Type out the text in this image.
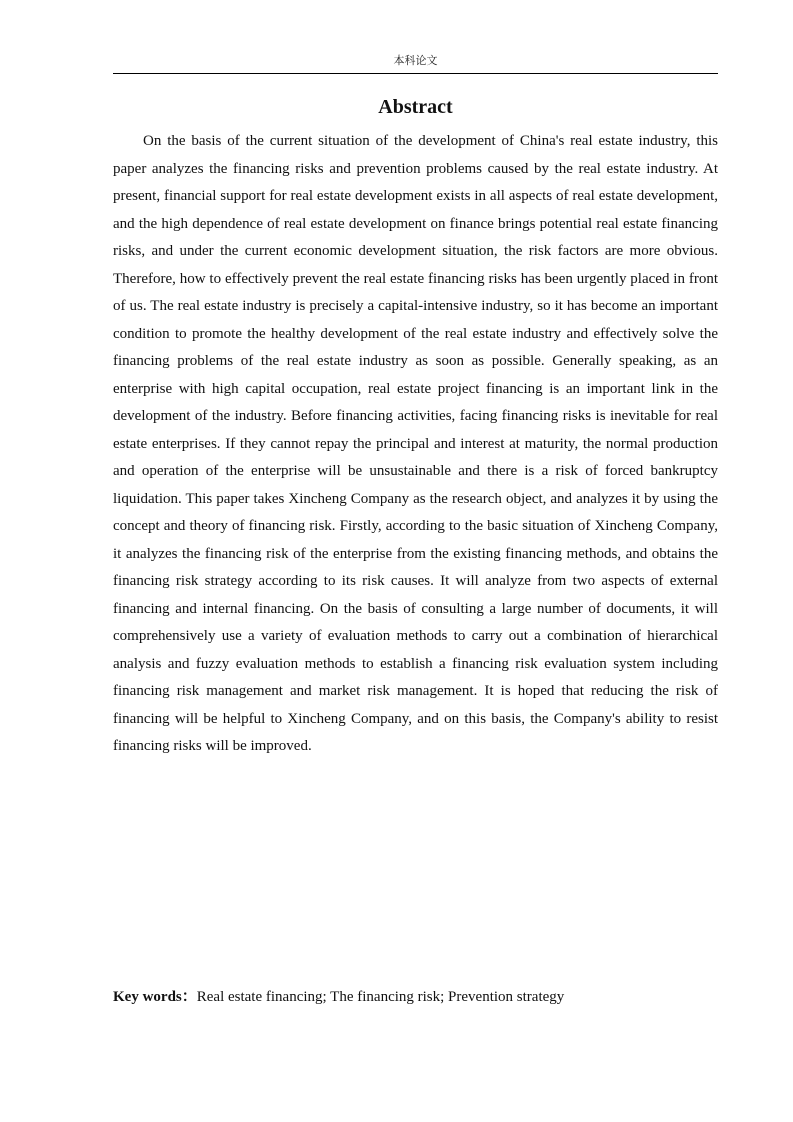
本科论文
Abstract

On the basis of the current situation of the development of China's real estate industry, this paper analyzes the financing risks and prevention problems caused by the real estate industry. At present, financial support for real estate development exists in all aspects of real estate development, and the high dependence of real estate development on finance brings potential real estate financing risks, and under the current economic development situation, the risk factors are more obvious. Therefore, how to effectively prevent the real estate financing risks has been urgently placed in front of us. The real estate industry is precisely a capital-intensive industry, so it has become an important condition to promote the healthy development of the real estate industry and effectively solve the financing problems of the real estate industry as soon as possible. Generally speaking, as an enterprise with high capital occupation, real estate project financing is an important link in the development of the industry. Before financing activities, facing financing risks is inevitable for real estate enterprises. If they cannot repay the principal and interest at maturity, the normal production and operation of the enterprise will be unsustainable and there is a risk of forced bankruptcy liquidation. This paper takes Xincheng Company as the research object, and analyzes it by using the concept and theory of financing risk. Firstly, according to the basic situation of Xincheng Company, it analyzes the financing risk of the enterprise from the existing financing methods, and obtains the financing risk strategy according to its risk causes. It will analyze from two aspects of external financing and internal financing. On the basis of consulting a large number of documents, it will comprehensively use a variety of evaluation methods to carry out a combination of hierarchical analysis and fuzzy evaluation methods to establish a financing risk evaluation system including financing risk management and market risk management. It is hoped that reducing the risk of financing will be helpful to Xincheng Company, and on this basis, the Company's ability to resist financing risks will be improved.

Key words：Real estate financing; The financing risk; Prevention strategy
